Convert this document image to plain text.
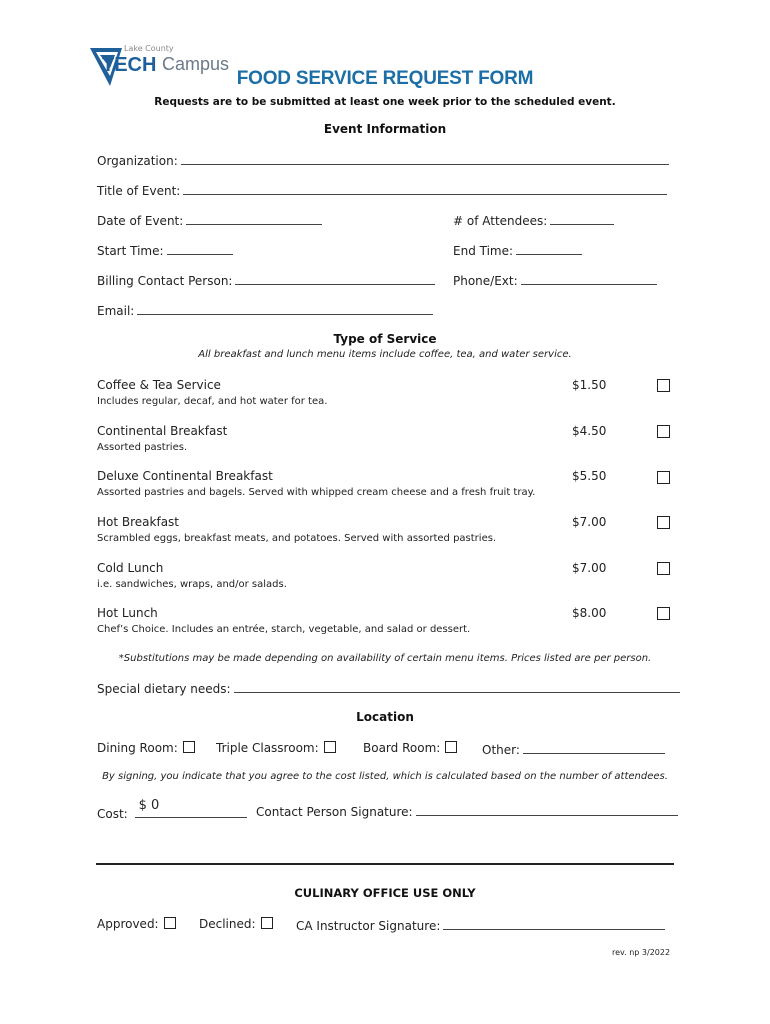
Lake County
TECH Campus
FOOD SERVICE REQUEST FORM
Requests are to be submitted at least one week prior to the scheduled event.
Event Information
Organization:
Title of Event:
Date of Event:	# of Attendees:
Start Time:	End Time:
Billing Contact Person:	Phone/Ext:
Email:
Type of Service
All breakfast and lunch menu items include coffee, tea, and water service.
Coffee & Tea Service
Includes regular, decaf, and hot water for tea.
$1.50
Continental Breakfast
Assorted pastries.
$4.50
Deluxe Continental Breakfast
Assorted pastries and bagels. Served with whipped cream cheese and a fresh fruit tray.
$5.50
Hot Breakfast
Scrambled eggs, breakfast meats, and potatoes. Served with assorted pastries.
$7.00
Cold Lunch
i.e. sandwiches, wraps, and/or salads.
$7.00
Hot Lunch
Chef’s Choice. Includes an entrée, starch, vegetable, and salad or dessert.
$8.00
*Substitutions may be made depending on availability of certain menu items. Prices listed are per person.
Special dietary needs:
Location
Dining Room:	Triple Classroom:	Board Room:	Other:
By signing, you indicate that you agree to the cost listed, which is calculated based on the number of attendees.
Cost:
$ 0	Contact Person Signature:
CULINARY OFFICE USE ONLY
Approved:	Declined:	CA Instructor Signature:
rev. np 3/2022
